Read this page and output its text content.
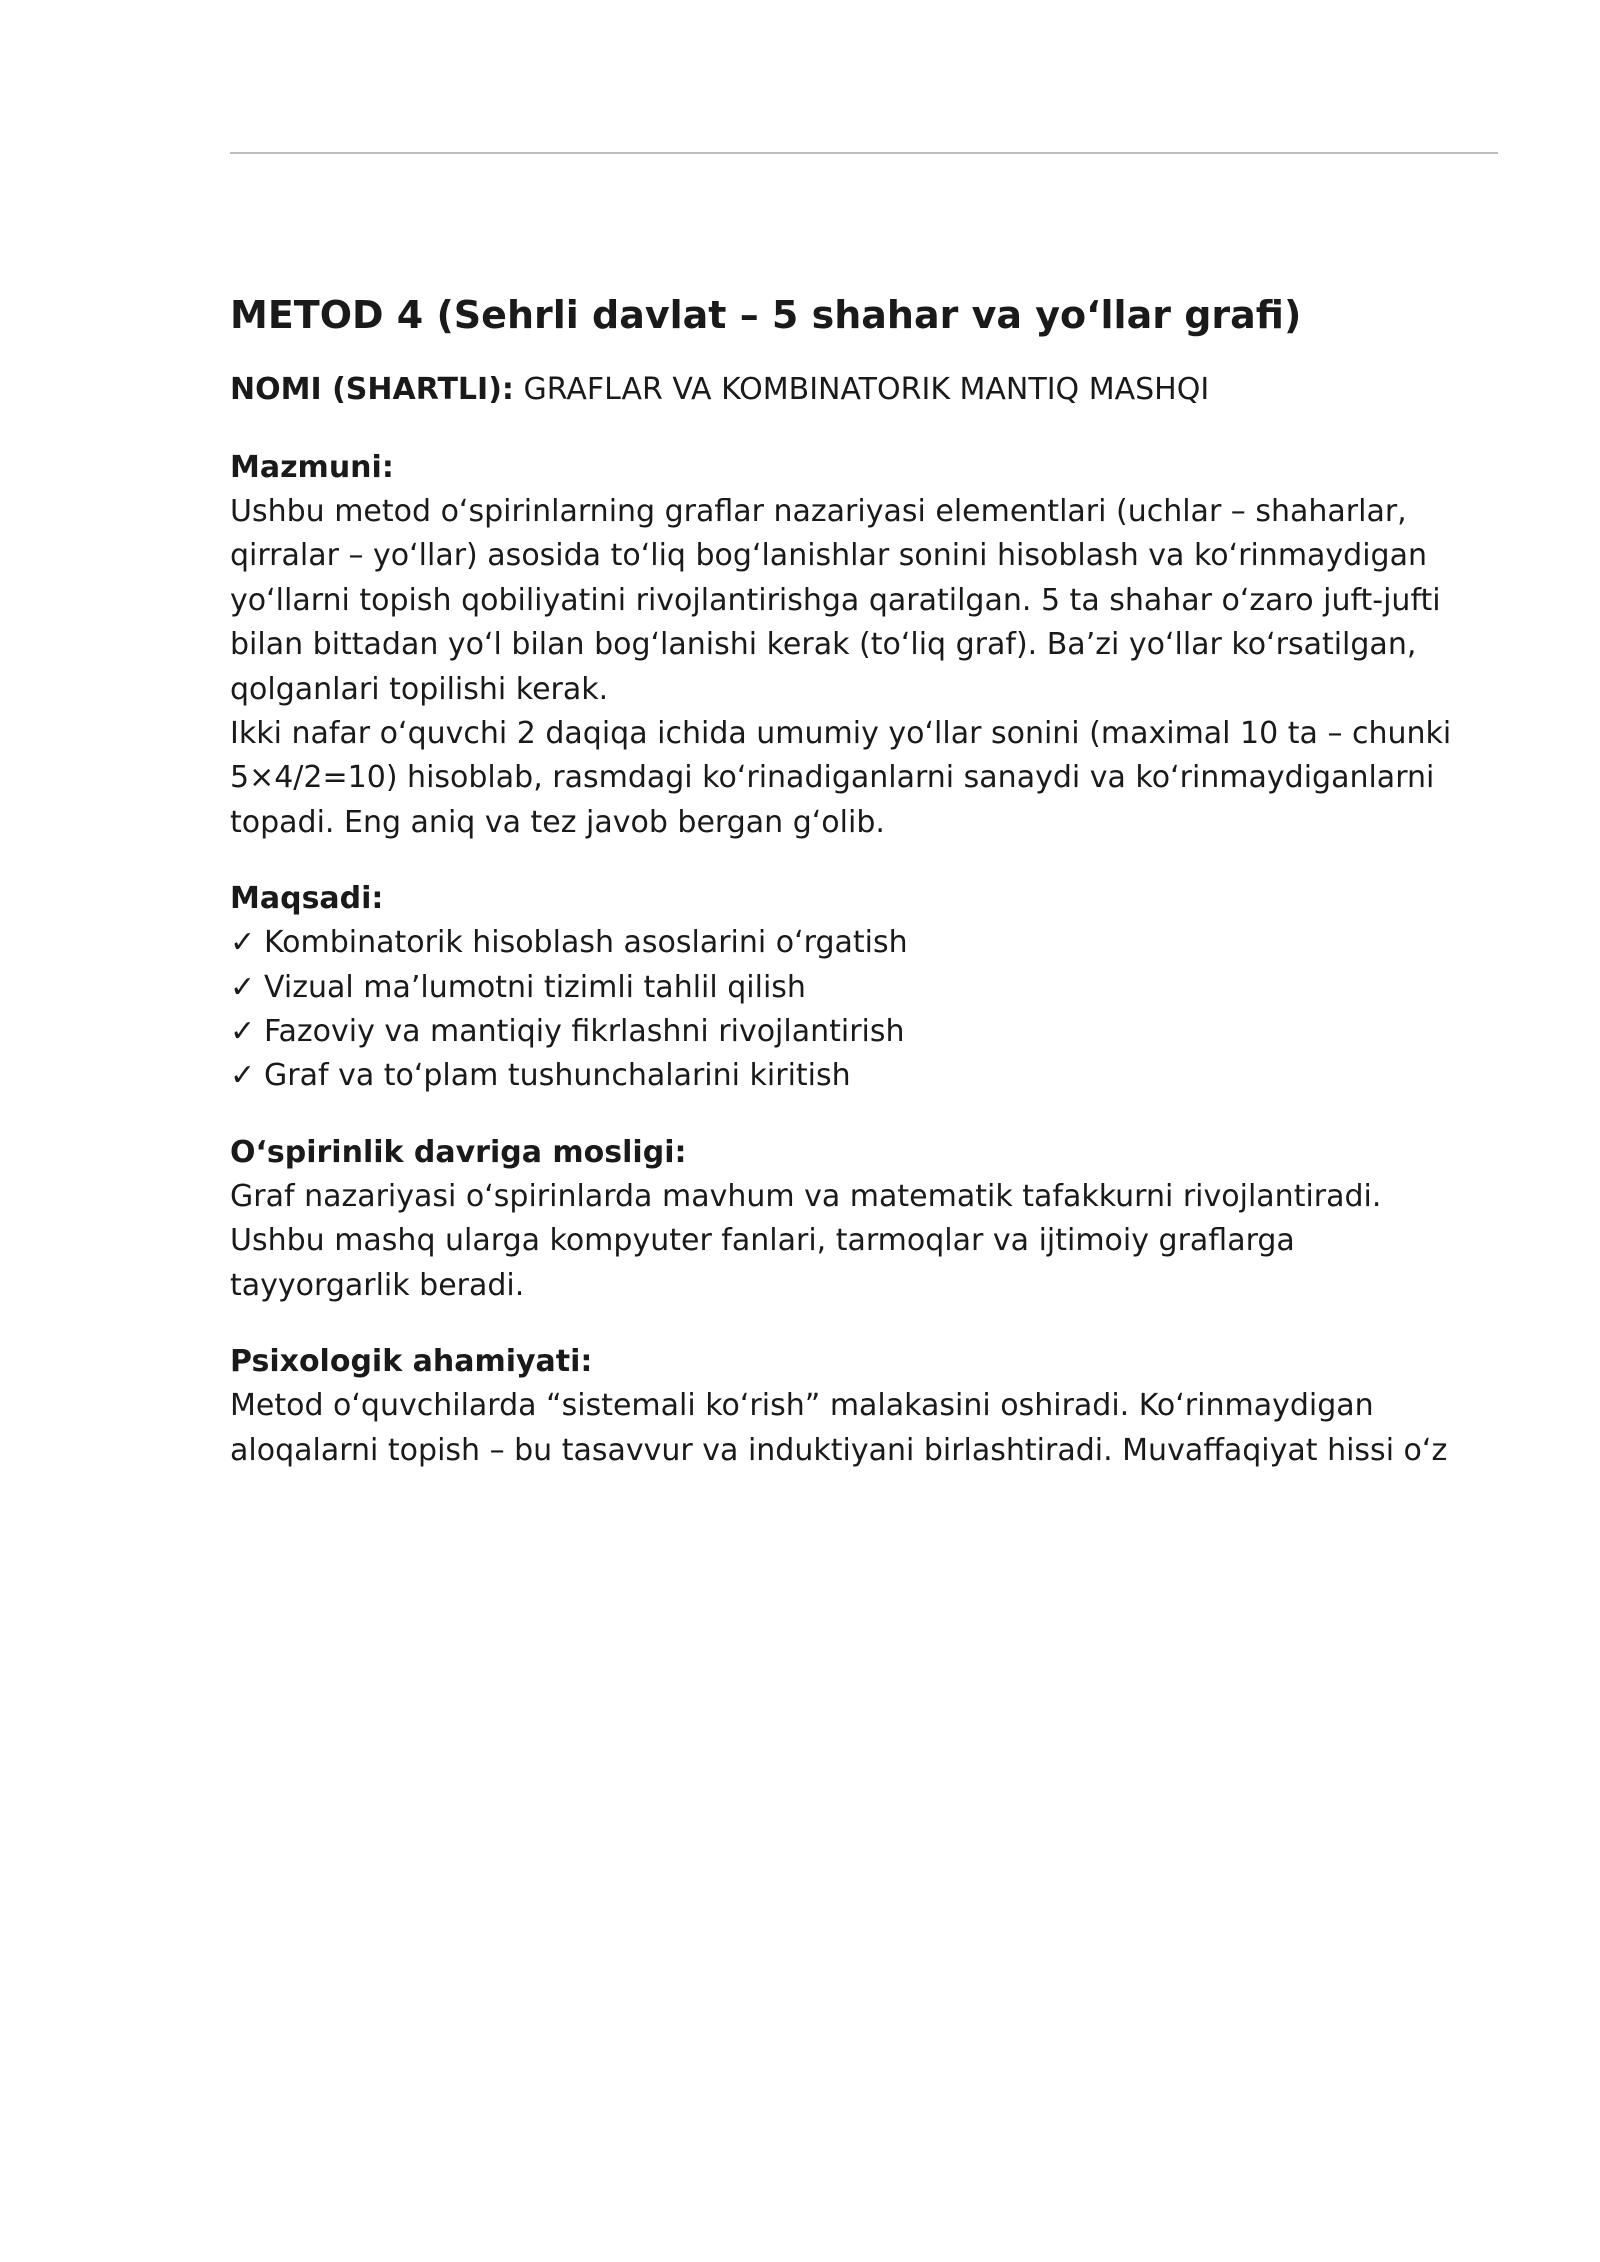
METOD 4 (Sehrli davlat – 5 shahar va yo‘llar grafi)

NOMI (SHARTLI): GRAFLAR VA KOMBINATORIK MANTIQ MASHQI

Mazmuni:

Ushbu metod o‘spirinlarning graflar nazariyasi elementlari (uchlar – shaharlar,

qirralar – yo‘llar) asosida to‘liq bog‘lanishlar sonini hisoblash va ko‘rinmaydigan

yo‘llarni topish qobiliyatini rivojlantirishga qaratilgan. 5 ta shahar o‘zaro juft-jufti

bilan bittadan yo‘l bilan bog‘lanishi kerak (to‘liq graf). Ba’zi yo‘llar ko‘rsatilgan,

qolganlari topilishi kerak.

Ikki nafar o‘quvchi 2 daqiqa ichida umumiy yo‘llar sonini (maximal 10 ta – chunki

5×4/2=10) hisoblab, rasmdagi ko‘rinadiganlarni sanaydi va ko‘rinmaydiganlarni

topadi. Eng aniq va tez javob bergan g‘olib.

Maqsadi:

✓ Kombinatorik hisoblash asoslarini o‘rgatish

✓ Vizual ma’lumotni tizimli tahlil qilish

✓ Fazoviy va mantiqiy fikrlashni rivojlantirish

✓ Graf va to‘plam tushunchalarini kiritish

O‘spirinlik davriga mosligi:

Graf nazariyasi o‘spirinlarda mavhum va matematik tafakkurni rivojlantiradi.

Ushbu mashq ularga kompyuter fanlari, tarmoqlar va ijtimoiy graflarga

tayyorgarlik beradi.

Psixologik ahamiyati:

Metod o‘quvchilarda “sistemali ko‘rish” malakasini oshiradi. Ko‘rinmaydigan

aloqalarni topish – bu tasavvur va induktiyani birlashtiradi. Muvaffaqiyat hissi o‘z
